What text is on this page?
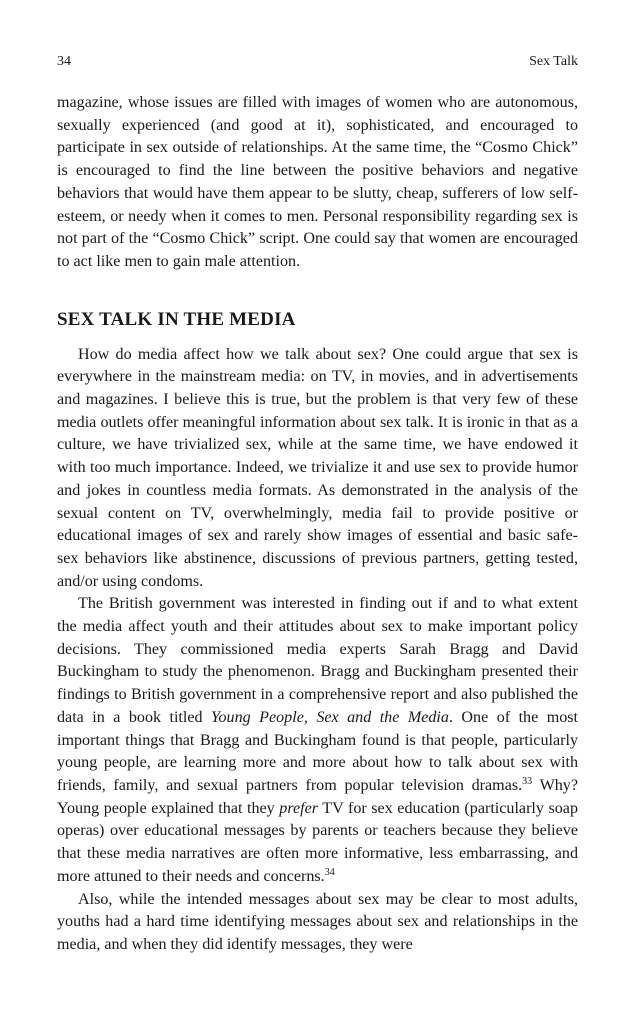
34	Sex Talk

magazine, whose issues are filled with images of women who are autonomous, sexually experienced (and good at it), sophisticated, and encouraged to participate in sex outside of relationships. At the same time, the “Cosmo Chick” is encouraged to find the line between the positive behaviors and negative behaviors that would have them appear to be slutty, cheap, sufferers of low self-esteem, or needy when it comes to men. Personal responsibility regarding sex is not part of the “Cosmo Chick” script. One could say that women are encouraged to act like men to gain male attention.

SEX TALK IN THE MEDIA

How do media affect how we talk about sex? One could argue that sex is everywhere in the mainstream media: on TV, in movies, and in advertisements and magazines. I believe this is true, but the problem is that very few of these media outlets offer meaningful information about sex talk. It is ironic in that as a culture, we have trivialized sex, while at the same time, we have endowed it with too much importance. Indeed, we trivialize it and use sex to provide humor and jokes in countless media formats. As demonstrated in the analysis of the sexual content on TV, overwhelmingly, media fail to provide positive or educational images of sex and rarely show images of essential and basic safe-sex behaviors like abstinence, discussions of previous partners, getting tested, and/or using condoms.

The British government was interested in finding out if and to what extent the media affect youth and their attitudes about sex to make important policy decisions. They commissioned media experts Sarah Bragg and David Buckingham to study the phenomenon. Bragg and Buckingham presented their findings to British government in a comprehensive report and also published the data in a book titled Young People, Sex and the Media. One of the most important things that Bragg and Buckingham found is that people, particularly young people, are learning more and more about how to talk about sex with friends, family, and sexual partners from popular television dramas.$^{33}$ Why? Young people explained that they prefer TV for sex education (particularly soap operas) over educational messages by parents or teachers because they believe that these media narratives are often more informative, less embarrassing, and more attuned to their needs and concerns.$^{34}$

Also, while the intended messages about sex may be clear to most adults, youths had a hard time identifying messages about sex and relationships in the media, and when they did identify messages, they were
